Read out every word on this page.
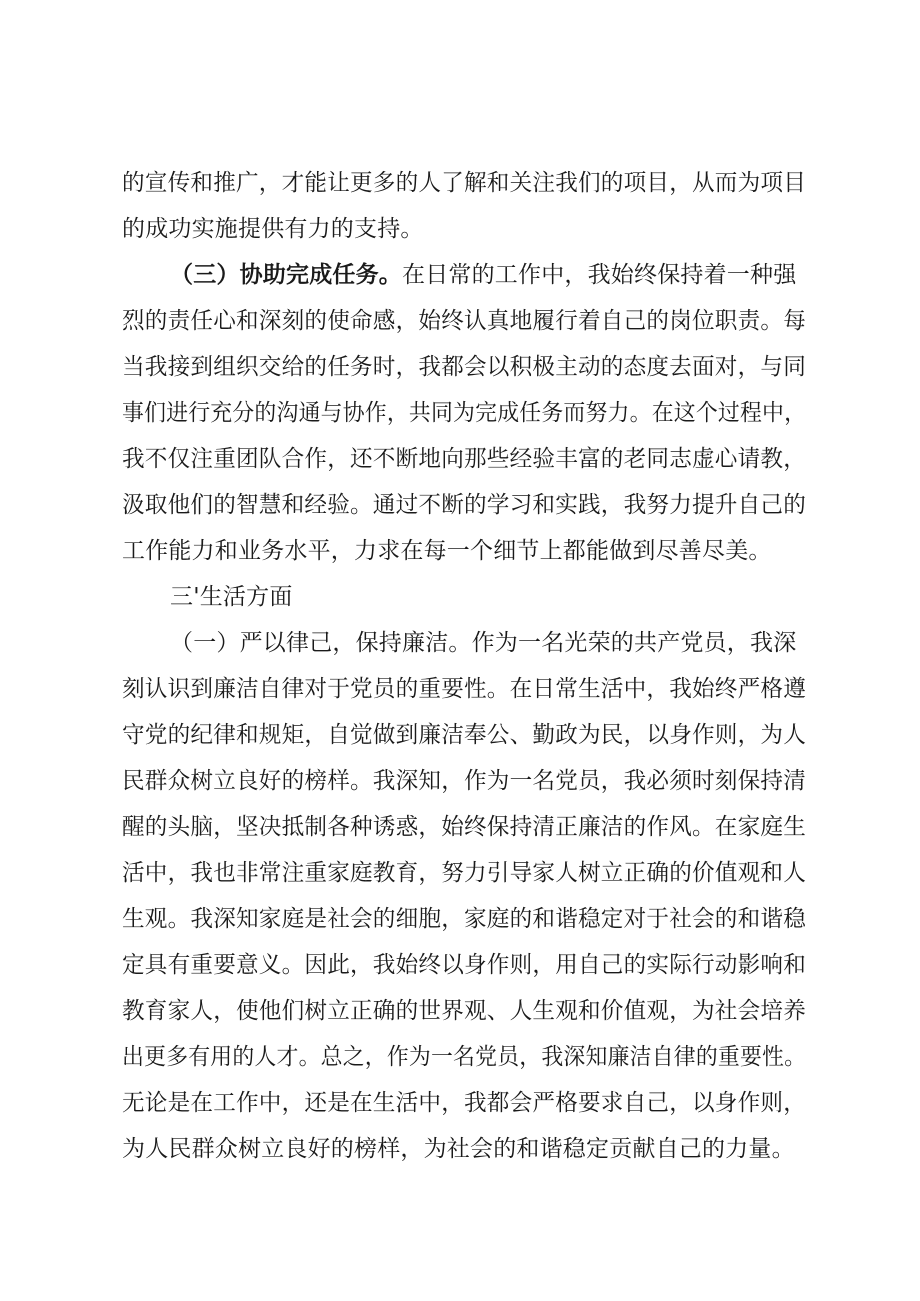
的宣传和推广，才能让更多的人了解和关注我们的项目，从而为项目
的成功实施提供有力的支持。
（三）协助完成任务。在日常的工作中，我始终保持着一种强
烈的责任心和深刻的使命感，始终认真地履行着自己的岗位职责。每
当我接到组织交给的任务时，我都会以积极主动的态度去面对，与同
事们进行充分的沟通与协作，共同为完成任务而努力。在这个过程中，
我不仅注重团队合作，还不断地向那些经验丰富的老同志虚心请教，
汲取他们的智慧和经验。通过不断的学习和实践，我努力提升自己的
工作能力和业务水平，力求在每一个细节上都能做到尽善尽美。
三'生活方面
（一）严以律己，保持廉洁。作为一名光荣的共产党员，我深
刻认识到廉洁自律对于党员的重要性。在日常生活中，我始终严格遵
守党的纪律和规矩，自觉做到廉洁奉公、勤政为民，以身作则，为人
民群众树立良好的榜样。我深知，作为一名党员，我必须时刻保持清
醒的头脑，坚决抵制各种诱惑，始终保持清正廉洁的作风。在家庭生
活中，我也非常注重家庭教育，努力引导家人树立正确的价值观和人
生观。我深知家庭是社会的细胞，家庭的和谐稳定对于社会的和谐稳
定具有重要意义。因此，我始终以身作则，用自己的实际行动影响和
教育家人，使他们树立正确的世界观、人生观和价值观，为社会培养
出更多有用的人才。总之，作为一名党员，我深知廉洁自律的重要性。
无论是在工作中，还是在生活中，我都会严格要求自己，以身作则，
为人民群众树立良好的榜样，为社会的和谐稳定贡献自己的力量。
